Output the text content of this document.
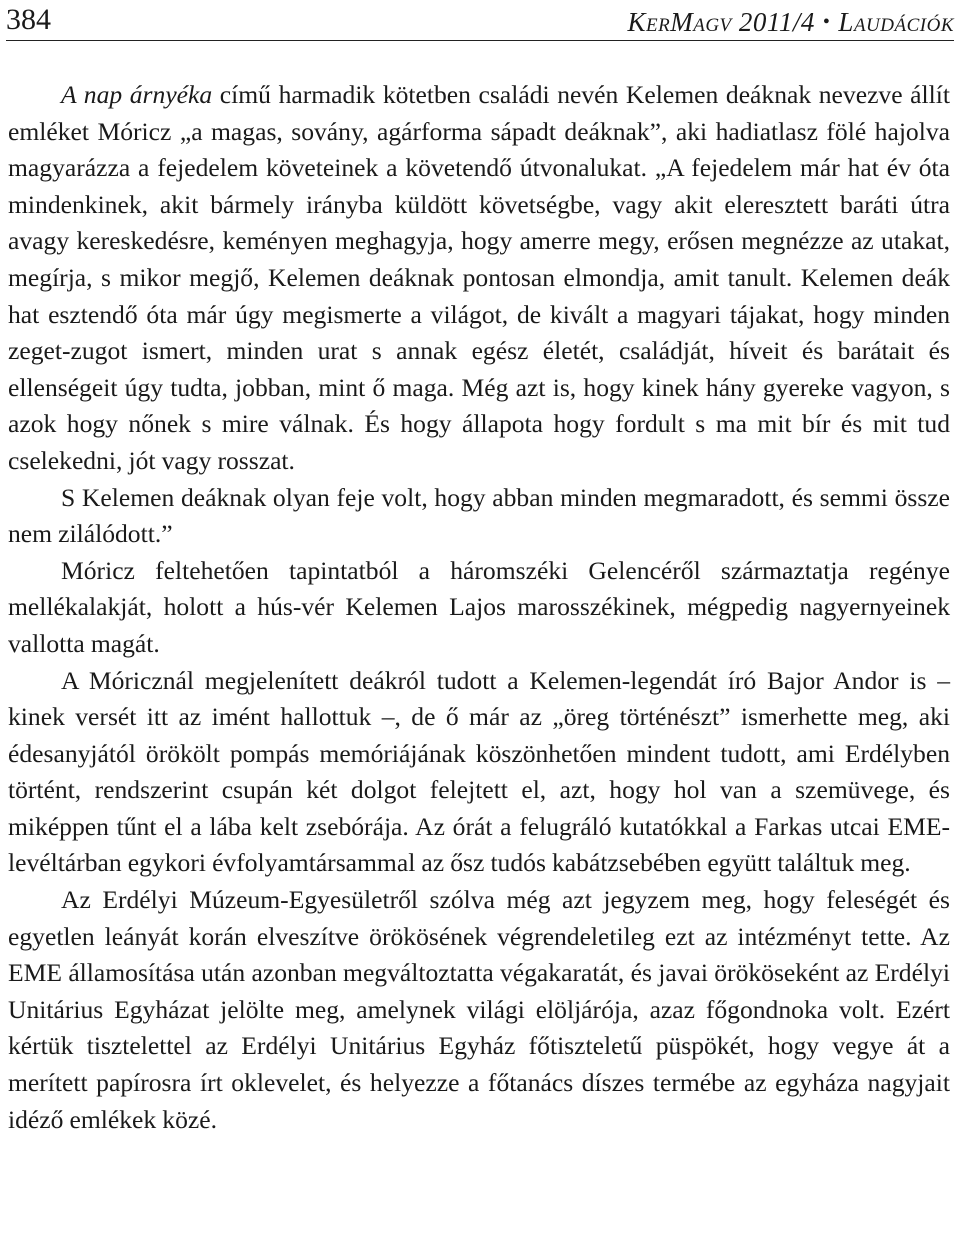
384	KerMagv 2011/4 • Laudációk

A nap árnyéka című harmadik kötetben családi nevén Kelemen deáknak nevezve állít emléket Móricz „a magas, sovány, agárforma sápadt deáknak”, aki hadiatlasz fölé hajolva magyarázza a fejedelem követeinek a követendő útvonalukat. „A fejedelem már hat év óta mindenkinek, akit bármely irányba küldött követségbe, vagy akit eleresztett baráti útra avagy kereskedésre, keményen meghagyja, hogy amerre megy, erősen megnézze az utakat, megírja, s mikor megjő, Kelemen deáknak pontosan elmondja, amit tanult. Kelemen deák hat esztendő óta már úgy megismerte a világot, de kivált a magyari tájakat, hogy minden zeget-zugot ismert, minden urat s annak egész életét, családját, híveit és barátait és ellenségeit úgy tudta, jobban, mint ő maga. Még azt is, hogy kinek hány gyereke vagyon, s azok hogy nőnek s mire válnak. És hogy állapota hogy fordult s ma mit bír és mit tud cselekedni, jót vagy rosszat.

S Kelemen deáknak olyan feje volt, hogy abban minden megmaradott, és semmi össze nem zilálódott.”

Móricz feltehetően tapintatból a háromszéki Gelencéről származtatja regénye mellékalakját, holott a hús-vér Kelemen Lajos marosszékinek, mégpedig nagyernyeinek vallotta magát.

A Móricznál megjelenített deákról tudott a Kelemen-legendát író Bajor Andor is – kinek versét itt az imént hallottuk –, de ő már az „öreg történészt” ismerhette meg, aki édesanyjától örökölt pompás memóriájának köszönhetően mindent tudott, ami Erdélyben történt, rendszerint csupán két dolgot felejtett el, azt, hogy hol van a szemüvege, és miképpen tűnt el a lába kelt zsebórája. Az órát a felugráló kutatókkal a Farkas utcai EME-levéltárban egykori évfolyamtársammal az ősz tudós kabátzsebében együtt találtuk meg.

Az Erdélyi Múzeum-Egyesületről szólva még azt jegyzem meg, hogy feleségét és egyetlen leányát korán elveszítve örökösének végrendeletileg ezt az intézményt tette. Az EME államosítása után azonban megváltoztatta végakaratát, és javai örököseként az Erdélyi Unitárius Egyházat jelölte meg, amelynek világi elöljárója, azaz főgondnoka volt. Ezért kértük tisztelettel az Erdélyi Unitárius Egyház főtiszteletű püspökét, hogy vegye át a merített papírosra írt oklevelet, és helyezze a főtanács díszes termébe az egyháza nagyjait idéző emlékek közé.
